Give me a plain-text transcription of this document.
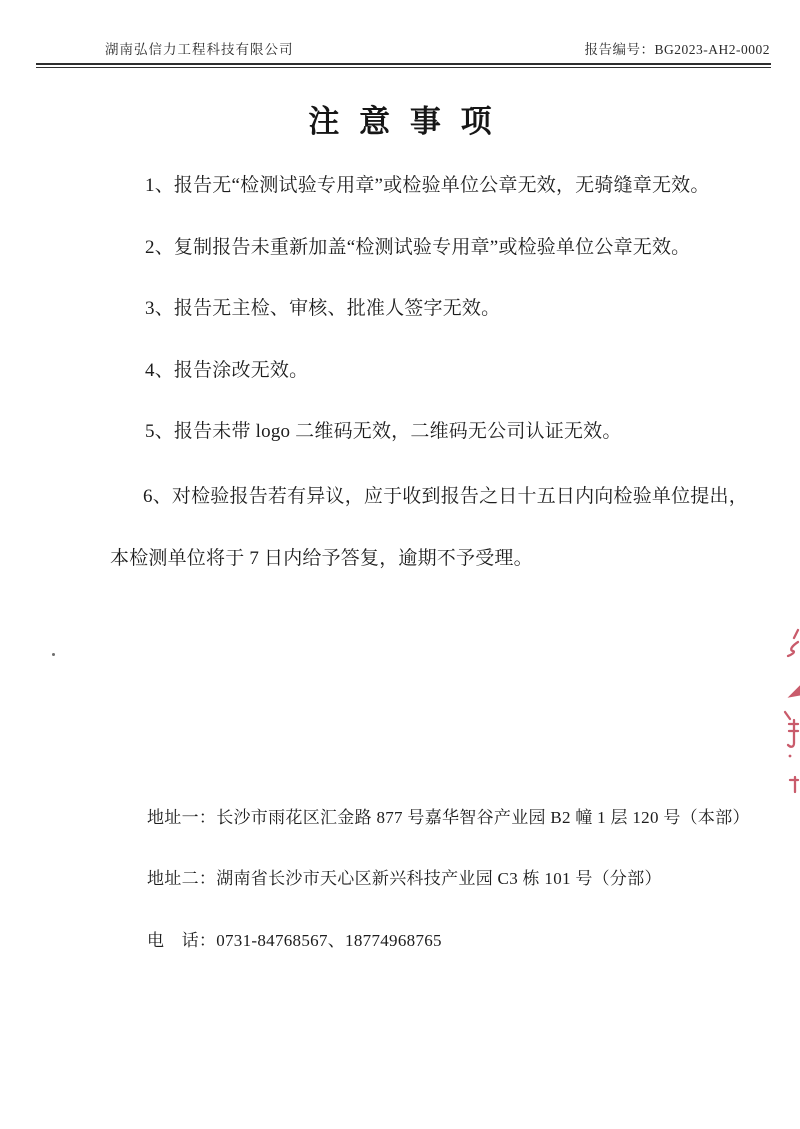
湖南弘信力工程科技有限公司	报告编号：BG2023-AH2-0002
注 意 事 项
1、报告无“检测试验专用章”或检验单位公章无效，无骑缝章无效。
2、复制报告未重新加盖“检测试验专用章”或检验单位公章无效。
3、报告无主检、审核、批准人签字无效。
4、报告涂改无效。
5、报告未带 logo 二维码无效，二维码无公司认证无效。
6、对检验报告若有异议，应于收到报告之日十五日内向检验单位提出，
本检测单位将于 7 日内给予答复，逾期不予受理。
地址一：长沙市雨花区汇金路 877 号嘉华智谷产业园 B2 幢 1 层 120 号（本部）
地址二：湖南省长沙市天心区新兴科技产业园 C3 栋 101 号（分部）
电　话：0731-84768567、18774968765
